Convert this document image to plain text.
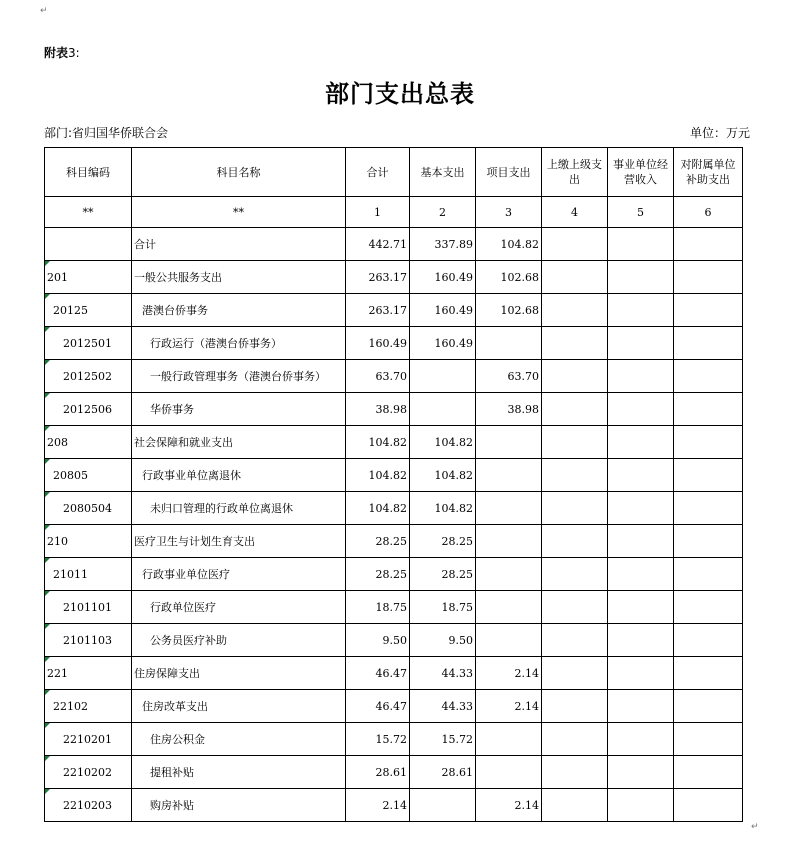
↵
附表3:
部门支出总表
部门:省归国华侨联合会	单位：万元
科目编码	科目名称	合计	基本支出	项目支出	上缴上级支出	事业单位经营收入	对附属单位补助支出
**	**	1	2	3	4	5	6
	合计	442.71	337.89	104.82			

201	一般公共服务支出	263.17	160.49	102.68			

20125	港澳台侨事务	263.17	160.49	102.68			

2012501	行政运行（港澳台侨事务）	160.49	160.49				

2012502	一般行政管理事务（港澳台侨事务）	63.70		63.70			

2012506	华侨事务	38.98		38.98			

208	社会保障和就业支出	104.82	104.82				

20805	行政事业单位离退休	104.82	104.82				

2080504	未归口管理的行政单位离退休	104.82	104.82				

210	医疗卫生与计划生育支出	28.25	28.25				

21011	行政事业单位医疗	28.25	28.25				

2101101	行政单位医疗	18.75	18.75				

2101103	公务员医疗补助	9.50	9.50				

221	住房保障支出	46.47	44.33	2.14			

22102	住房改革支出	46.47	44.33	2.14			

2210201	住房公积金	15.72	15.72				

2210202	提租补贴	28.61	28.61				

2210203	购房补贴	2.14		2.14			
↵
